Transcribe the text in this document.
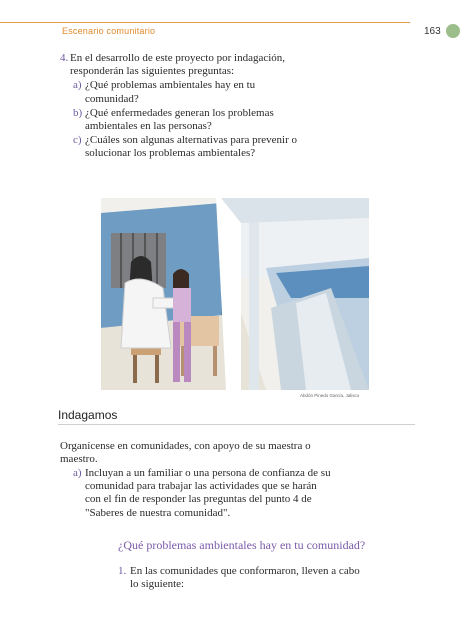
Escenario comunitario	163
4. En el desarrollo de este proyecto por indagación, responderán las siguientes preguntas:
a) ¿Qué problemas ambientales hay en tu comunidad?
b) ¿Qué enfermedades generan los problemas ambientales en las personas?
c) ¿Cuáles son algunas alternativas para prevenir o solucionar los problemas ambientales?
Abdón Pinedo García, Jalisco
Indagamos
Organícense en comunidades, con apoyo de su maestra o maestro.
a) Incluyan a un familiar o una persona de confianza de su comunidad para trabajar las actividades que se harán con el fin de responder las preguntas del punto 4 de "Saberes de nuestra comunidad".
¿Qué problemas ambientales hay en tu comunidad?
1. En las comunidades que conformaron, lleven a cabo lo siguiente:
